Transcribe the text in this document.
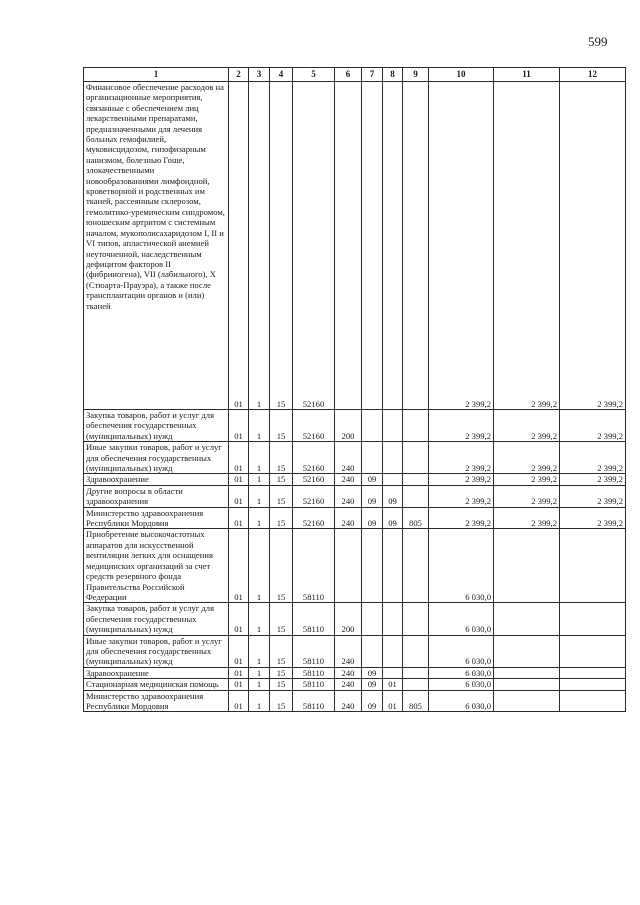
599
1	2	3	4	5	6	7	8	9	10	11	12
Финансовое обеспечение расходов на организационные мероприятия, связанные с обеспечением лиц лекарственными препаратами, предназначенными для лечения больных гемофилией, муковисцидозом, гипофизарным нанизмом, болезнью Гоше, злокачественными новообразованиями лимфоидной, кроветворной и родственных им тканей, рассеянным склерозом, гемолитико-уремическим синдромом, юношеским артритом с системным началом, мукополисахаридозом I, II и VI типов, апластической анемией неуточненной, наследственным дефицитом факторов II (фибриногена), VII (лабильного), X (Стюарта-Прауэра), а также после трансплантации органов и (или) тканей	01	1	15	52160					2 399,2	2 399,2	2 399,2
Закупка товаров, работ и услуг для обеспечения государственных (муниципальных) нужд	01	1	15	52160	200				2 399,2	2 399,2	2 399,2
Иные закупки товаров, работ и услуг для обеспечения государственных (муниципальных) нужд	01	1	15	52160	240				2 399,2	2 399,2	2 399,2
Здравоохранение	01	1	15	52160	240	09			2 399,2	2 399,2	2 399,2
Другие вопросы в области здравоохранения	01	1	15	52160	240	09	09		2 399,2	2 399,2	2 399,2
Министерство здравоохранения Республики Мордовия	01	1	15	52160	240	09	09	805	2 399,2	2 399,2	2 399,2
Приобретение высокочастотных аппаратов для искусственной вентиляции легких для оснащения медицинских организаций за счет средств резервного фонда Правительства Российской Федерации	01	1	15	58110					6 030,0		
Закупка товаров, работ и услуг для обеспечения государственных (муниципальных) нужд	01	1	15	58110	200				6 030,0		
Иные закупки товаров, работ и услуг для обеспечения государственных (муниципальных) нужд	01	1	15	58110	240				6 030,0		
Здравоохранение	01	1	15	58110	240	09			6 030,0		
Стационарная медицинская помощь	01	1	15	58110	240	09	01		6 030,0		
Министерство здравоохранения Республики Мордовия	01	1	15	58110	240	09	01	805	6 030,0		
